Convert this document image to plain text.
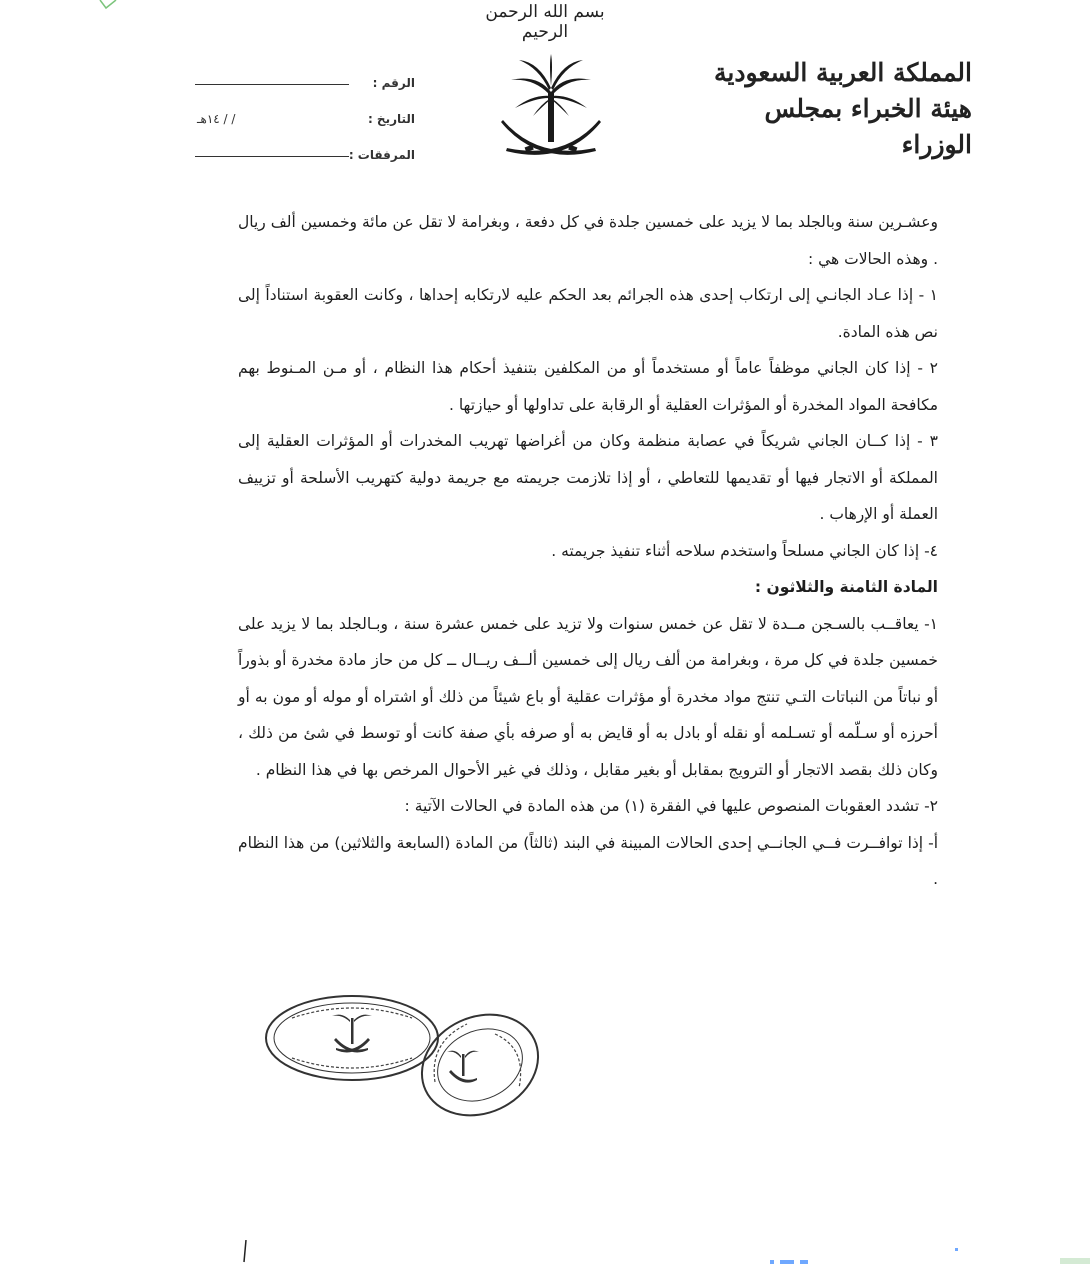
بسم الله الرحمن الرحيم
المملكة العربية السعودية
هيئة الخبراء بمجلس الوزراء
الرقم :
التاريخ :
/ / ١٤هـ
المرفقات :

وعشـرين سنة وبالجلد بما لا يزيد على خمسين جلدة في كل دفعة ، وبغرامة لا تقل عن مائة وخمسين ألف ريال . وهذه الحالات هي :

١ - إذا عـاد الجانـي إلى ارتكاب إحدى هذه الجرائم بعد الحكم عليه لارتكابه إحداها ، وكانت العقوبة استناداً إلى نص هذه المادة.

٢ - إذا كان الجاني موظفاً عاماً أو مستخدماً أو من المكلفين بتنفيذ أحكام هذا النظام ، أو مـن المـنوط بهم مكافحة المواد المخدرة أو المؤثرات العقلية أو الرقابة على تداولها أو حيازتها .

٣ - إذا كــان الجاني شريكاً في عصابة منظمة وكان من أغراضها تهريب المخدرات أو المؤثرات العقلية إلى المملكة أو الاتجار فيها أو تقديمها للتعاطي ، أو إذا تلازمت جريمته مع جريمة دولية كتهريب الأسلحة أو تزييف العملة أو الإرهاب .

٤- إذا كان الجاني مسلحاً واستخدم سلاحه أثناء تنفيذ جريمته .

المادة الثامنة والثلاثون :

١- يعاقــب بالسـجن مــدة لا تقل عن خمس سنوات ولا تزيد على خمس عشرة سنة ، وبـالجلد بما لا يزيد على خمسين جلدة في كل مرة ، وبغرامة من ألف ريال إلى خمسين ألــف ريــال ــ كل من حاز مادة مخدرة أو بذوراً أو نباتاً من النباتات التـي تنتج مواد مخدرة أو مؤثرات عقلية أو باع شيئاً من ذلك أو اشتراه أو موله أو مون به أو أحرزه أو سـلّمه أو تسـلمه أو نقله أو بادل به أو قايض به أو صرفه بأي صفة كانت أو توسط في شئ من ذلك ، وكان ذلك بقصد الاتجار أو الترويج بمقابل أو بغير مقابل ، وذلك في غير الأحوال المرخص بها في هذا النظام .

٢- تشدد العقوبات المنصوص عليها في الفقرة (١) من هذه المادة في الحالات الآتية :

أ- إذا توافــرت فــي الجانــي إحدى الحالات المبينة في البند (ثالثاً) من المادة (السابعة والثلاثين) من هذا النظام .
